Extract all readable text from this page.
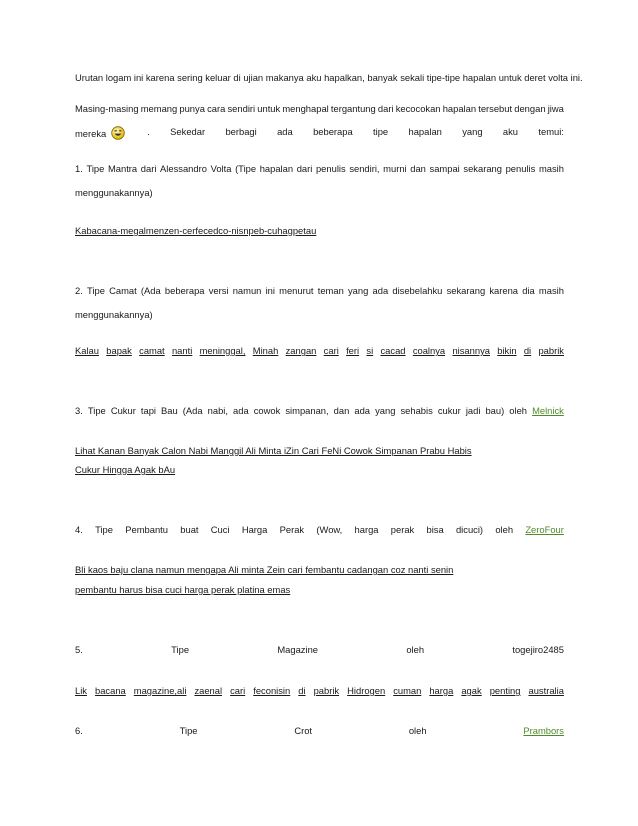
Urutan logam ini karena sering keluar di ujian makanya aku hapalkan, banyak sekali tipe-tipe hapalan untuk deret volta ini.
Masing-masing memang punya cara sendiri untuk menghapal tergantung dari kecocokan hapalan tersebut dengan jiwa
mereka	. Sekedar berbagi ada beberapa tipe hapalan yang aku temui:
1. Tipe Mantra dari Alessandro Volta (Tipe hapalan dari penulis sendiri, murni dan sampai sekarang penulis masih
menggunakannya)
Kabacana-megalmenzen-cerfecedco-nisnpeb-cuhagpetau
2. Tipe Camat (Ada beberapa versi namun ini menurut teman yang ada disebelahku sekarang karena dia masih
menggunakannya)
Kalau bapak camat nanti meninggal, Minah zangan cari feri si cacad coalnya nisannya bikin di pabrik
3. Tipe Cukur tapi Bau (Ada nabi, ada cowok simpanan, dan ada yang sehabis cukur jadi bau) oleh Melnick
Lihat Kanan Banyak Calon Nabi Manggil Ali Minta iZin Cari FeNi Cowok Simpanan Prabu Habis
Cukur Hingga Agak bAu
4. Tipe Pembantu buat Cuci Harga Perak (Wow, harga perak bisa dicuci) oleh ZeroFour
Bli kaos baju clana namun mengapa Ali minta Zein cari fembantu cadangan coz nanti senin
pembantu harus bisa cuci harga perak platina emas
5.	Tipe	Magazine	oleh	togejiro2485
Lik bacana magazine,ali zaenal cari feconisin di pabrik Hidrogen cuman harga agak penting australia
6.	Tipe	Crot	oleh	Prambors
